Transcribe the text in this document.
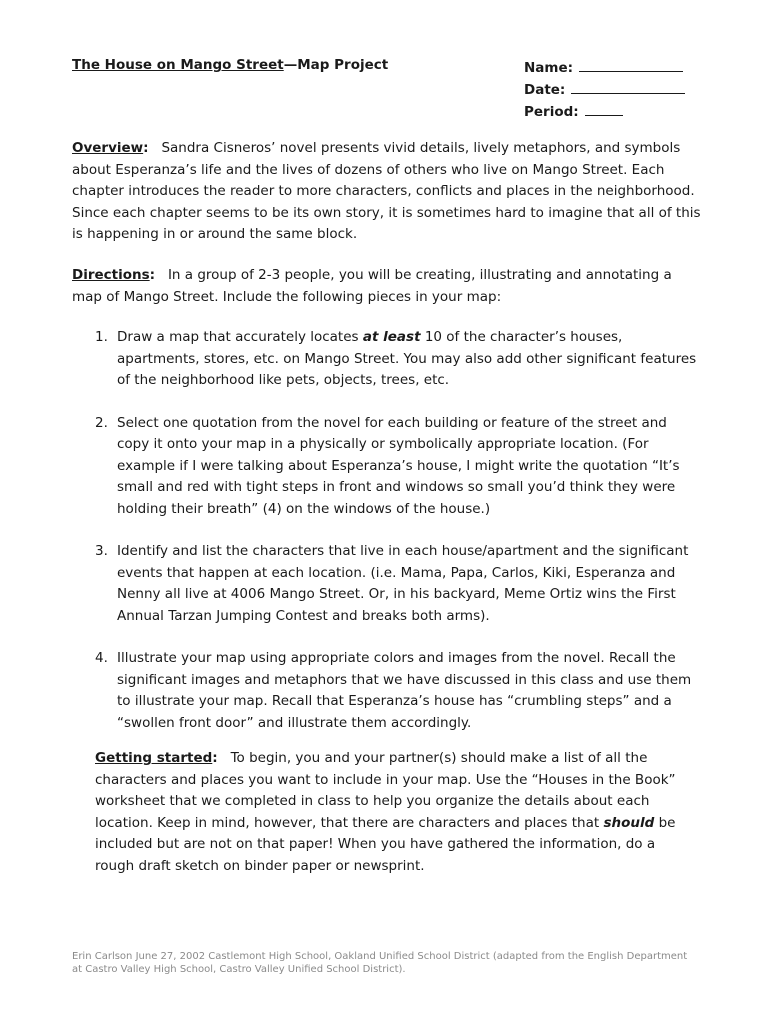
The House on Mango Street—Map Project	Name:
Date:
Period:
Overview: Sandra Cisneros’ novel presents vivid details, lively metaphors, and symbols about Esperanza’s life and the lives of dozens of others who live on Mango Street. Each chapter introduces the reader to more characters, conflicts and places in the neighborhood. Since each chapter seems to be its own story, it is sometimes hard to imagine that all of this is happening in or around the same block.
Directions: In a group of 2-3 people, you will be creating, illustrating and annotating a map of Mango Street. Include the following pieces in your map:
1. Draw a map that accurately locates at least 10 of the character’s houses, apartments, stores, etc. on Mango Street. You may also add other significant features of the neighborhood like pets, objects, trees, etc.
2. Select one quotation from the novel for each building or feature of the street and copy it onto your map in a physically or symbolically appropriate location. (For example if I were talking about Esperanza’s house, I might write the quotation “It’s small and red with tight steps in front and windows so small you’d think they were holding their breath” (4) on the windows of the house.)
3. Identify and list the characters that live in each house/apartment and the significant events that happen at each location. (i.e. Mama, Papa, Carlos, Kiki, Esperanza and Nenny all live at 4006 Mango Street. Or, in his backyard, Meme Ortiz wins the First Annual Tarzan Jumping Contest and breaks both arms).
4. Illustrate your map using appropriate colors and images from the novel. Recall the significant images and metaphors that we have discussed in this class and use them to illustrate your map. Recall that Esperanza’s house has “crumbling steps” and a “swollen front door” and illustrate them accordingly.
Getting started: To begin, you and your partner(s) should make a list of all the characters and places you want to include in your map. Use the “Houses in the Book” worksheet that we completed in class to help you organize the details about each location. Keep in mind, however, that there are characters and places that should be included but are not on that paper! When you have gathered the information, do a rough draft sketch on binder paper or newsprint.
Erin Carlson June 27, 2002 Castlemont High School, Oakland Unified School District (adapted from the English Department at Castro Valley High School, Castro Valley Unified School District).
